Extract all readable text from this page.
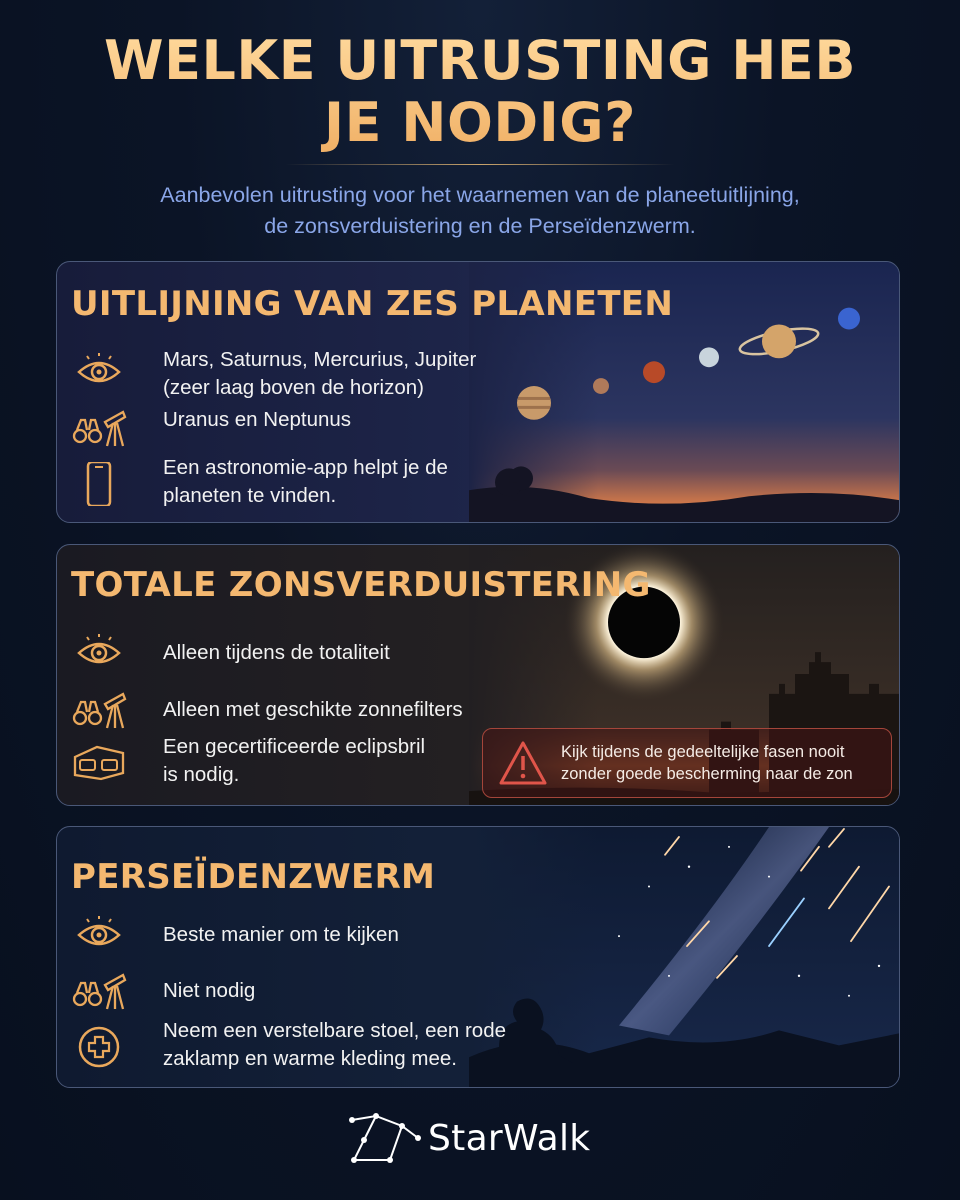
WELKE UITRUSTING HEB
JE NODIG?
Aanbevolen uitrusting voor het waarnemen van de planeetuitlijning,
de zonsverduistering en de Perseïdenzwerm.
UITLIJNING VAN ZES PLANETEN
Mars, Saturnus, Mercurius, Jupiter
(zeer laag boven de horizon)
Uranus en Neptunus
Een astronomie-app helpt je de
planeten te vinden.
TOTALE ZONSVERDUISTERING
Alleen tijdens de totaliteit
Alleen met geschikte zonnefilters
Een gecertificeerde eclipsbril
is nodig.
Kijk tijdens de gedeeltelijke fasen nooit
zonder goede bescherming naar de zon
PERSEÏDENZWERM
Beste manier om te kijken
Niet nodig
Neem een verstelbare stoel, een rode
zaklamp en warme kleding mee.
StarWalk
